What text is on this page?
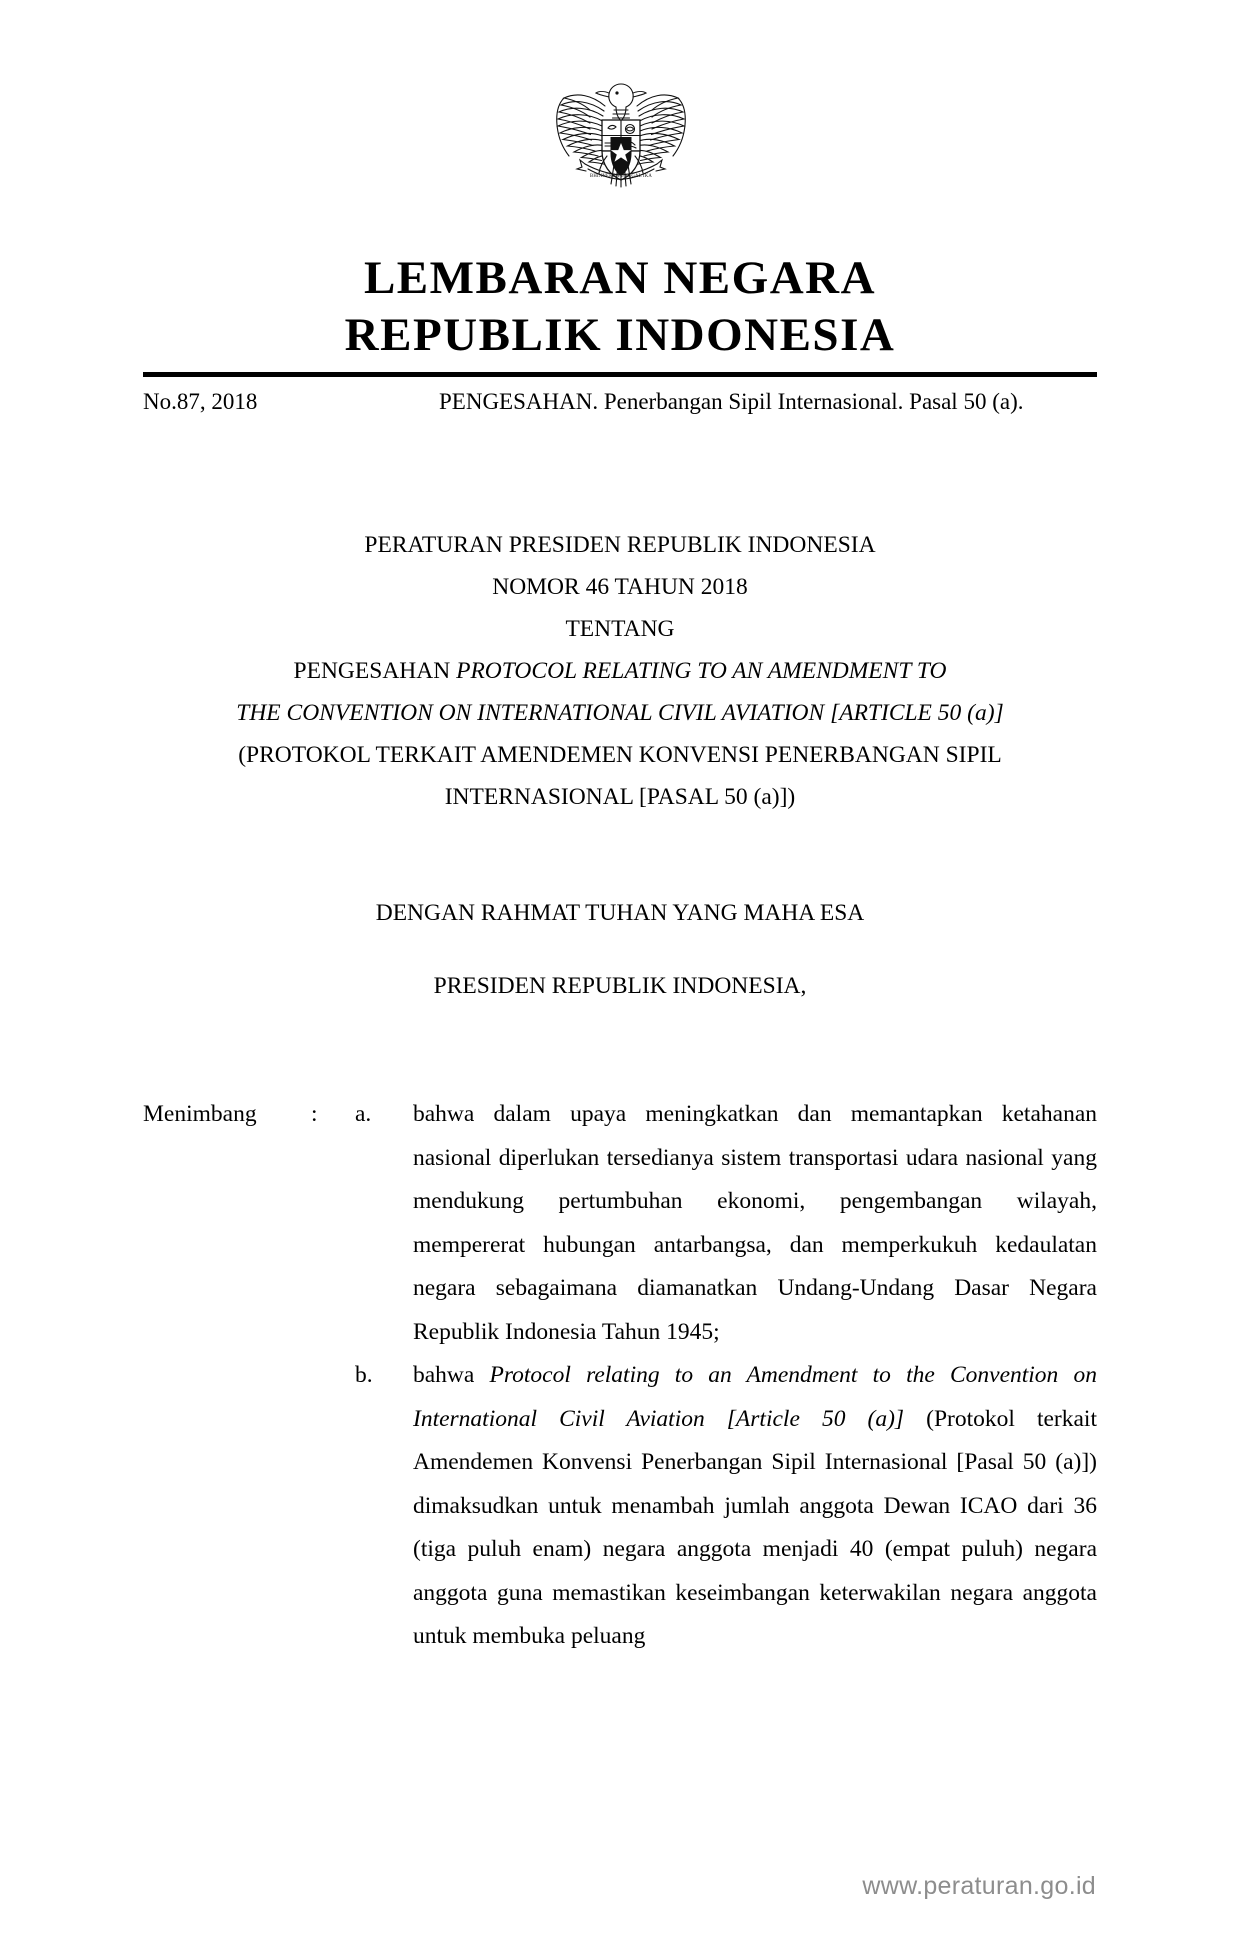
BHINNEKA TUNGGAL IKA
LEMBARAN NEGARA
REPUBLIK INDONESIA
No.87, 2018	PENGESAHAN. Penerbangan Sipil Internasional. Pasal 50 (a).
PERATURAN PRESIDEN REPUBLIK INDONESIA
NOMOR 46 TAHUN 2018
TENTANG
PENGESAHAN PROTOCOL RELATING TO AN AMENDMENT TO
THE CONVENTION ON INTERNATIONAL CIVIL AVIATION [ARTICLE 50 (a)]
(PROTOKOL TERKAIT AMENDEMEN KONVENSI PENERBANGAN SIPIL
INTERNASIONAL [PASAL 50 (a)])
DENGAN RAHMAT TUHAN YANG MAHA ESA
PRESIDEN REPUBLIK INDONESIA,
Menimbang	: a.	bahwa dalam upaya meningkatkan dan memantapkan ketahanan nasional diperlukan tersedianya sistem transportasi udara nasional yang mendukung pertumbuhan ekonomi, pengembangan wilayah, mempererat hubungan antarbangsa, dan memperkukuh kedaulatan negara sebagaimana diamanatkan Undang-Undang Dasar Negara Republik Indonesia Tahun 1945;
b.	bahwa Protocol relating to an Amendment to the Convention on International Civil Aviation [Article 50 (a)] (Protokol terkait Amendemen Konvensi Penerbangan Sipil Internasional [Pasal 50 (a)]) dimaksudkan untuk menambah jumlah anggota Dewan ICAO dari 36 (tiga puluh enam) negara anggota menjadi 40 (empat puluh) negara anggota guna memastikan keseimbangan keterwakilan negara anggota untuk membuka peluang
www.peraturan.go.id
